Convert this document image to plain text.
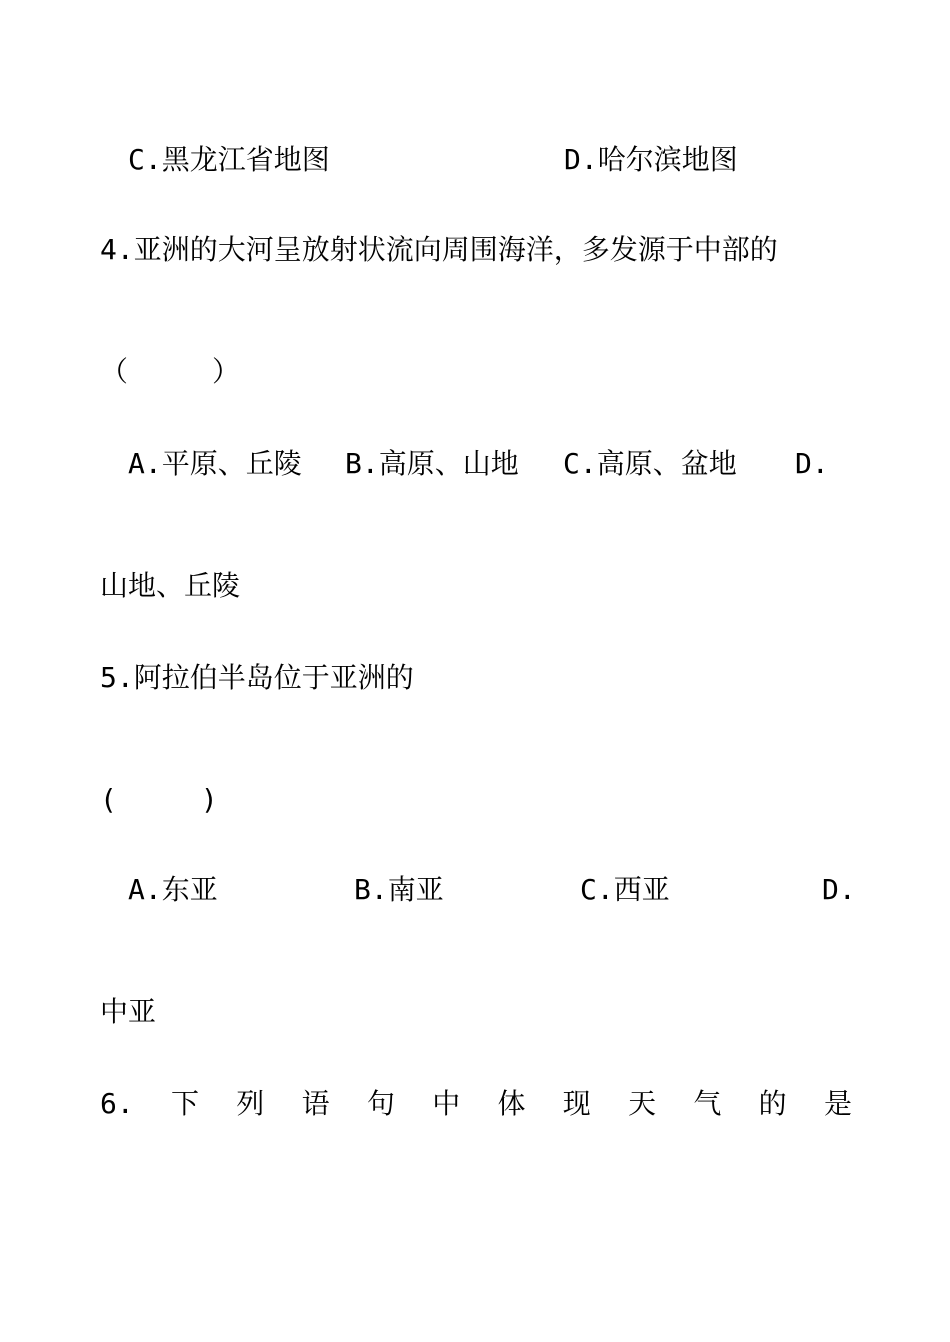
C.黑龙江省地图	D.哈尔滨地图

4.亚洲的大河呈放射状流向周围海洋，多发源于中部的

（　　　）

A.平原、丘陵 B.高原、山地 C.高原、盆地 D.

山地、丘陵

5.阿拉伯半岛位于亚洲的

(　　　)

A.东亚	B.南亚	C.西亚	D.

中亚

6. 下 列 语 句 中 体 现 天 气 的 是
